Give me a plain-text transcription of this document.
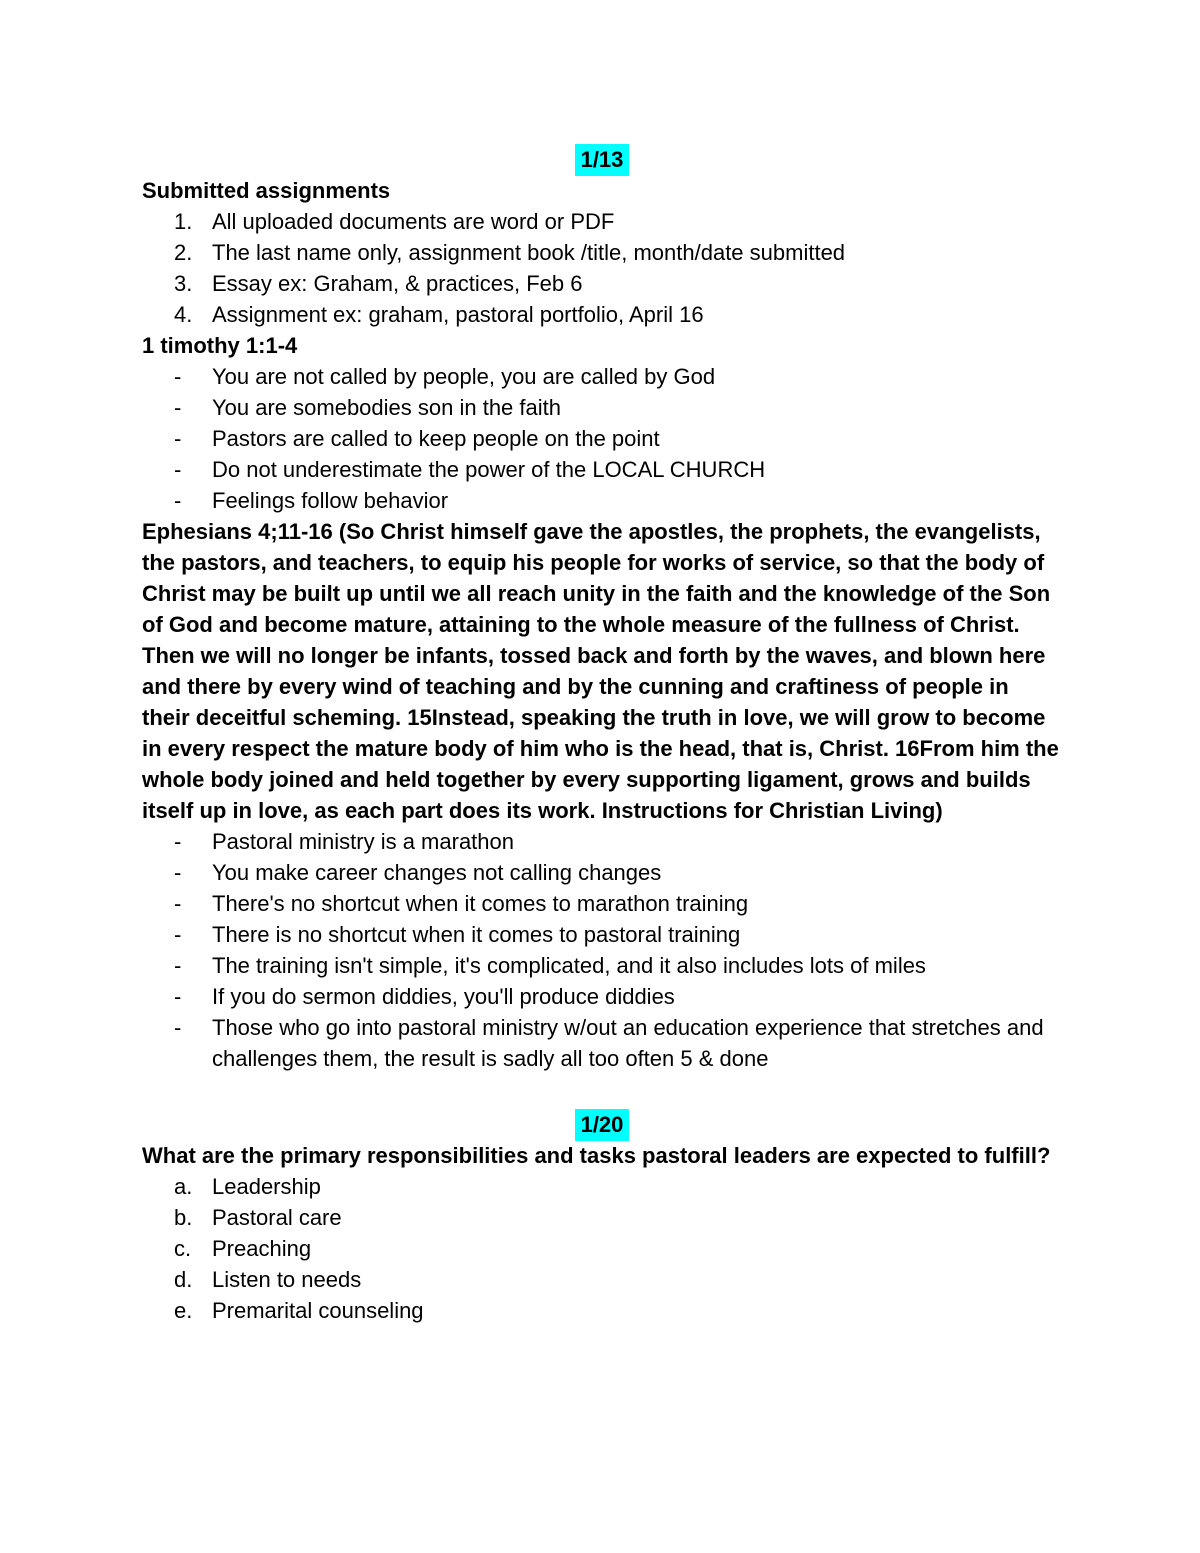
1/13
Submitted assignments
1. All uploaded documents are word or PDF
2. The last name only, assignment book /title, month/date submitted
3. Essay ex: Graham, & practices, Feb 6
4. Assignment ex: graham, pastoral portfolio, April 16
1 timothy 1:1-4
- You are not called by people, you are called by God
- You are somebodies son in the faith
- Pastors are called to keep people on the point
- Do not underestimate the power of the LOCAL CHURCH
- Feelings follow behavior
Ephesians 4;11-16 (So Christ himself gave the apostles, the prophets, the evangelists, the pastors, and teachers, to equip his people for works of service, so that the body of Christ may be built up until we all reach unity in the faith and the knowledge of the Son of God and become mature, attaining to the whole measure of the fullness of Christ. Then we will no longer be infants, tossed back and forth by the waves, and blown here and there by every wind of teaching and by the cunning and craftiness of people in their deceitful scheming. 15Instead, speaking the truth in love, we will grow to become in every respect the mature body of him who is the head, that is, Christ. 16From him the whole body joined and held together by every supporting ligament, grows and builds itself up in love, as each part does its work. Instructions for Christian Living)
- Pastoral ministry is a marathon
- You make career changes not calling changes
- There's no shortcut when it comes to marathon training
- There is no shortcut when it comes to pastoral training
- The training isn't simple, it's complicated, and it also includes lots of miles
- If you do sermon diddies, you'll produce diddies
- Those who go into pastoral ministry w/out an education experience that stretches and challenges them, the result is sadly all too often 5 & done
1/20
What are the primary responsibilities and tasks pastoral leaders are expected to fulfill?
a. Leadership
b. Pastoral care
c. Preaching
d. Listen to needs
e. Premarital counseling
